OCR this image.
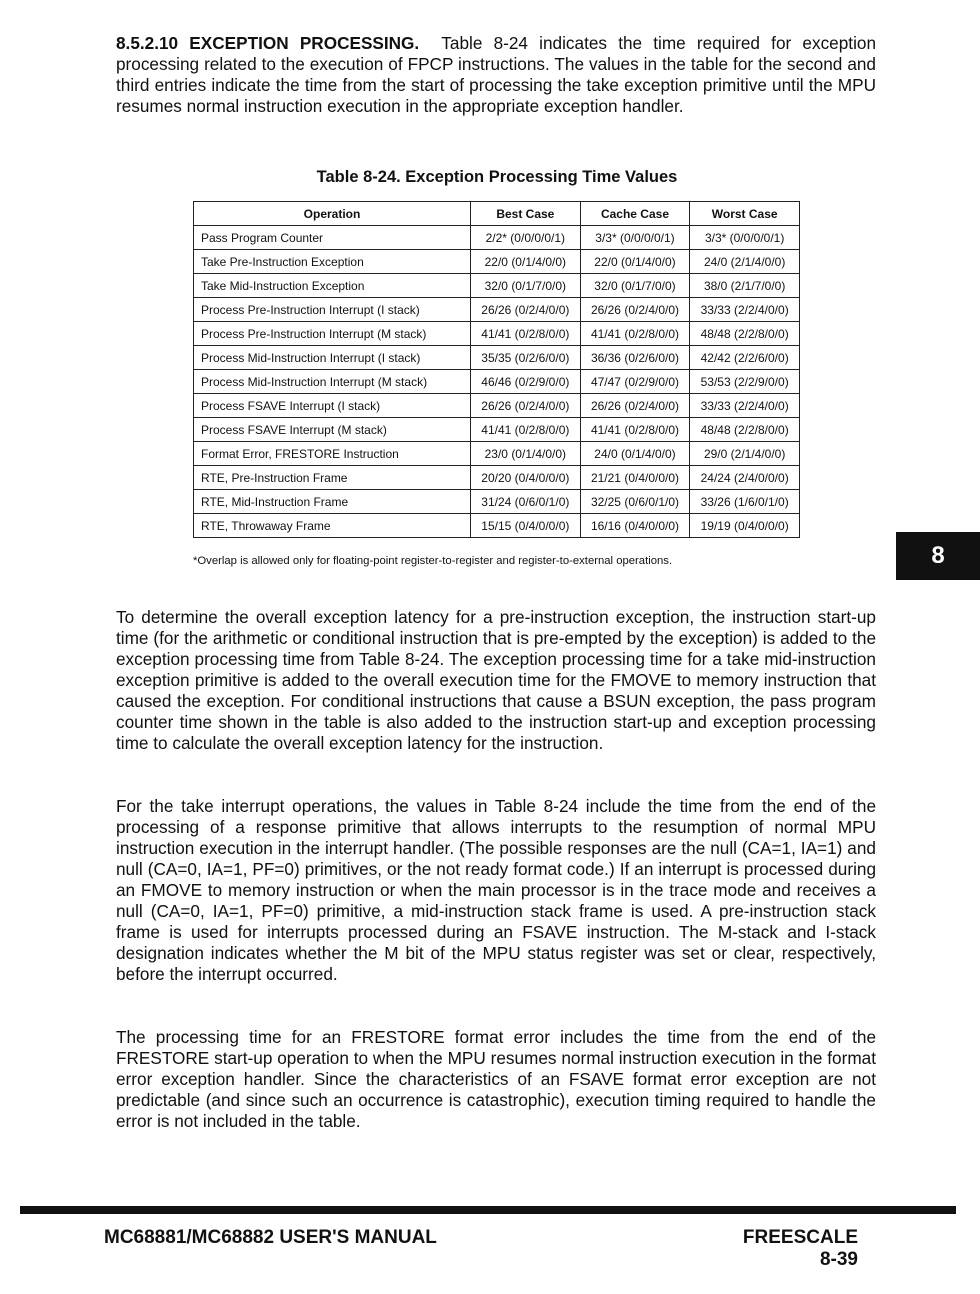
8.5.2.10 EXCEPTION PROCESSING. Table 8-24 indicates the time required for exception processing related to the execution of FPCP instructions. The values in the table for the second and third entries indicate the time from the start of processing the take exception primitive until the MPU resumes normal instruction execution in the appropriate exception handler.

Table 8-24. Exception Processing Time Values
Operation	Best Case	Cache Case	Worst Case
Pass Program Counter	2/2* (0/0/0/0/1)	3/3* (0/0/0/0/1)	3/3* (0/0/0/0/1)
Take Pre-Instruction Exception	22/0 (0/1/4/0/0)	22/0 (0/1/4/0/0)	24/0 (2/1/4/0/0)
Take Mid-Instruction Exception	32/0 (0/1/7/0/0)	32/0 (0/1/7/0/0)	38/0 (2/1/7/0/0)
Process Pre-Instruction Interrupt (I stack)	26/26 (0/2/4/0/0)	26/26 (0/2/4/0/0)	33/33 (2/2/4/0/0)
Process Pre-Instruction Interrupt (M stack)	41/41 (0/2/8/0/0)	41/41 (0/2/8/0/0)	48/48 (2/2/8/0/0)
Process Mid-Instruction Interrupt (I stack)	35/35 (0/2/6/0/0)	36/36 (0/2/6/0/0)	42/42 (2/2/6/0/0)
Process Mid-Instruction Interrupt (M stack)	46/46 (0/2/9/0/0)	47/47 (0/2/9/0/0)	53/53 (2/2/9/0/0)
Process FSAVE Interrupt (I stack)	26/26 (0/2/4/0/0)	26/26 (0/2/4/0/0)	33/33 (2/2/4/0/0)
Process FSAVE Interrupt (M stack)	41/41 (0/2/8/0/0)	41/41 (0/2/8/0/0)	48/48 (2/2/8/0/0)
Format Error, FRESTORE Instruction	23/0 (0/1/4/0/0)	24/0 (0/1/4/0/0)	29/0 (2/1/4/0/0)
RTE, Pre-Instruction Frame	20/20 (0/4/0/0/0)	21/21 (0/4/0/0/0)	24/24 (2/4/0/0/0)
RTE, Mid-Instruction Frame	31/24 (0/6/0/1/0)	32/25 (0/6/0/1/0)	33/26 (1/6/0/1/0)
RTE, Throwaway Frame	15/15 (0/4/0/0/0)	16/16 (0/4/0/0/0)	19/19 (0/4/0/0/0)
*Overlap is allowed only for floating-point register-to-register and register-to-external operations.	8

To determine the overall exception latency for a pre-instruction exception, the instruction start-up time (for the arithmetic or conditional instruction that is pre-empted by the exception) is added to the exception processing time from Table 8-24. The exception processing time for a take mid-instruction exception primitive is added to the overall execution time for the FMOVE to memory instruction that caused the exception. For conditional instructions that cause a BSUN exception, the pass program counter time shown in the table is also added to the instruction start-up and exception processing time to calculate the overall exception latency for the instruction.

For the take interrupt operations, the values in Table 8-24 include the time from the end of the processing of a response primitive that allows interrupts to the resumption of normal MPU instruction execution in the interrupt handler. (The possible responses are the null (CA=1, IA=1) and null (CA=0, IA=1, PF=0) primitives, or the not ready format code.) If an interrupt is processed during an FMOVE to memory instruction or when the main processor is in the trace mode and receives a null (CA=0, IA=1, PF=0) primitive, a mid-instruction stack frame is used. A pre-instruction stack frame is used for interrupts processed during an FSAVE instruction. The M-stack and I-stack designation indicates whether the M bit of the MPU status register was set or clear, respectively, before the interrupt occurred.

The processing time for an FRESTORE format error includes the time from the end of the FRESTORE start-up operation to when the MPU resumes normal instruction execution in the format error exception handler. Since the characteristics of an FSAVE format error exception are not predictable (and since such an occurrence is catastrophic), execution timing required to handle the error is not included in the table.

MC68881/MC68882 USER'S MANUAL	FREESCALE
8-39
